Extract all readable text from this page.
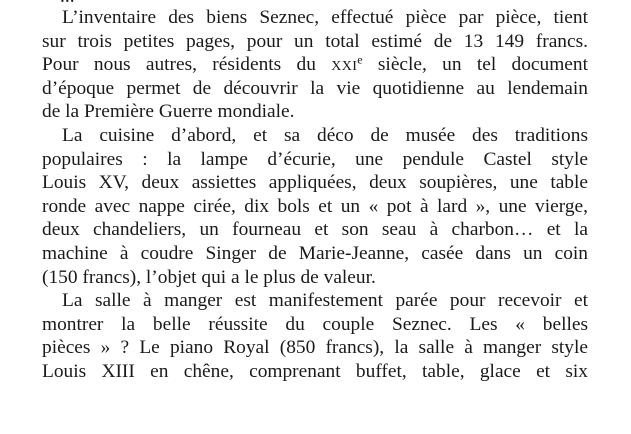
L’inventaire des biens Seznec, effectué pièce par pièce, tient
sur trois petites pages, pour un total estimé de 13 149 francs.
Pour nous autres, résidents du xxi$^e$ siècle, un tel document
d’époque permet de découvrir la vie quotidienne au lendemain
de la Première Guerre mondiale.
La cuisine d’abord, et sa déco de musée des traditions
populaires : la lampe d’écurie, une pendule Castel style
Louis XV, deux assiettes appliquées, deux soupières, une table
ronde avec nappe cirée, dix bols et un « pot à lard », une vierge,
deux chandeliers, un fourneau et son seau à charbon… et la
machine à coudre Singer de Marie-Jeanne, casée dans un coin
(150 francs), l’objet qui a le plus de valeur.
La salle à manger est manifestement parée pour recevoir et
montrer la belle réussite du couple Seznec. Les « belles
pièces » ? Le piano Royal (850 francs), la salle à manger style
Louis XIII en chêne, comprenant buffet, table, glace et six
